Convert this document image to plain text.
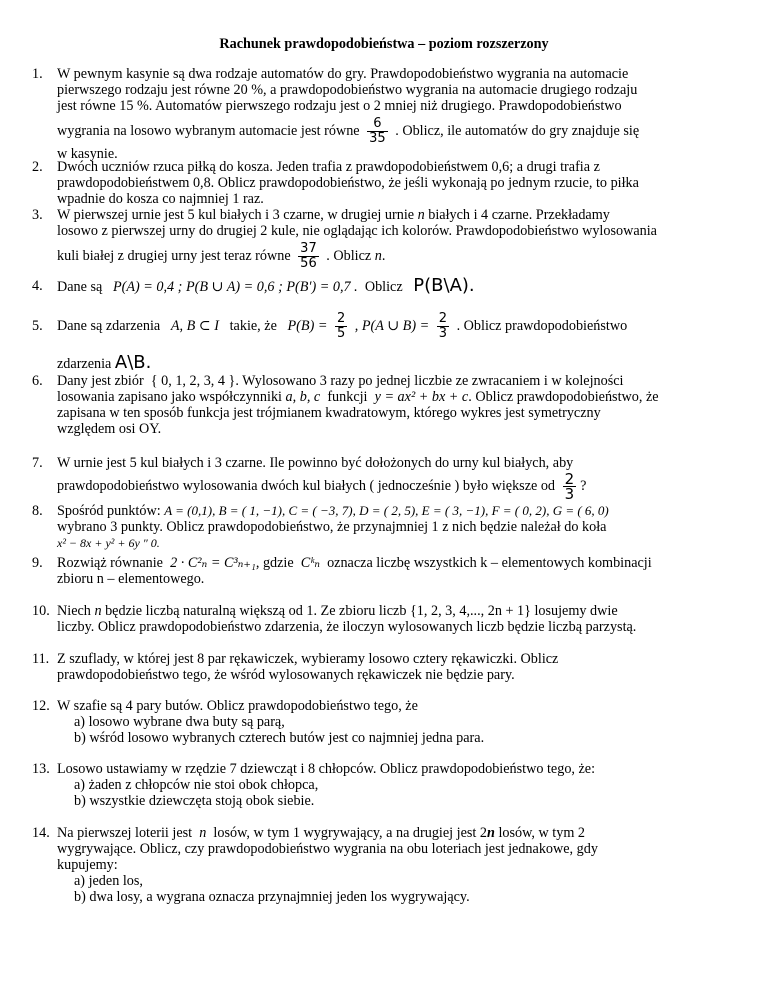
Rachunek prawdopodobieństwa – poziom rozszerzony
1. W pewnym kasynie są dwa rodzaje automatów do gry. Prawdopodobieństwo wygrania na automacie
pierwszego rodzaju jest równe 20 %, a prawdopodobieństwo wygrania na automacie drugiego rodzaju
jest równe 15 %. Automatów pierwszego rodzaju jest o 2 mniej niż drugiego. Prawdopodobieństwo
wygrania na losowo wybranym automacie jest równe $\frac{6}{35}$ . Oblicz, ile automatów do gry znajduje się
w kasynie.
2. Dwóch uczniów rzuca piłką do kosza. Jeden trafia z prawdopodobieństwem 0,6; a drugi trafia z
prawdopodobieństwem 0,8. Oblicz prawdopodobieństwo, że jeśli wykonają po jednym rzucie, to piłka
wpadnie do kosza co najmniej 1 raz.
3. W pierwszej urnie jest 5 kul białych i 3 czarne, w drugiej urnie n białych i 4 czarne. Przekładamy
losowo z pierwszej urny do drugiej 2 kule, nie oglądając ich kolorów. Prawdopodobieństwo wylosowania
kuli białej z drugiej urny jest teraz równe $\frac{37}{56}$ . Oblicz n.
4. Dane są P(A) = 0,4 ; P(B ∪ A) = 0,6 ; P(B′) = 0,7 . Oblicz P(B\A).
5. Dane są zdarzenia A, B ⊂ Ι takie, że $P(B) = \frac{2}{5}$ , P(A ∪ $B) = \frac{2}{3}$ . Oblicz prawdopodobieństwo
zdarzenia A\B.
6. Dany jest zbiór { 0, 1, 2, 3, 4 }. Wylosowano 3 razy po jednej liczbie ze zwracaniem i w kolejności
losowania zapisano jako współczynniki a, b, c funkcji y = ax² + bx + c. Oblicz prawdopodobieństwo, że
zapisana w ten sposób funkcja jest trójmianem kwadratowym, którego wykres jest symetryczny
względem osi OY.
7. W urnie jest 5 kul białych i 3 czarne. Ile powinno być dołożonych do urny kul białych, aby
prawdopodobieństwo wylosowania dwóch kul białych ( jednocześnie ) było większe od $\frac{2}{3}$ ?
8. Spośród punktów: A = (0,1), B = ( 1, −1), C = ( −3, 7), D = ( 2, 5), E = ( 3, −1), F = ( 0, 2), G = ( 6, 0)
wybrano 3 punkty. Oblicz prawdopodobieństwo, że przynajmniej 1 z nich będzie należał do koła
x² − 8x + y² + 6y ″ 0.
9. Rozwiąż równanie 2 · C²ₙ = C³ₙ₊₁, gdzie Cᵏₙ oznacza liczbę wszystkich k – elementowych kombinacji
zbioru n – elementowego.
10. Niech n będzie liczbą naturalną większą od 1. Ze zbioru liczb {1, 2, 3, 4,..., 2n + 1} losujemy dwie
liczby. Oblicz prawdopodobieństwo zdarzenia, że iloczyn wylosowanych liczb będzie liczbą parzystą.
11. Z szuflady, w której jest 8 par rękawiczek, wybieramy losowo cztery rękawiczki. Oblicz
prawdopodobieństwo tego, że wśród wylosowanych rękawiczek nie będzie pary.
12. W szafie są 4 pary butów. Oblicz prawdopodobieństwo tego, że
a) losowo wybrane dwa buty są parą,
b) wśród losowo wybranych czterech butów jest co najmniej jedna para.
13. Losowo ustawiamy w rzędzie 7 dziewcząt i 8 chłopców. Oblicz prawdopodobieństwo tego, że:
a) żaden z chłopców nie stoi obok chłopca,
b) wszystkie dziewczęta stoją obok siebie.
14. Na pierwszej loterii jest n losów, w tym 1 wygrywający, a na drugiej jest 2n losów, w tym 2
wygrywające. Oblicz, czy prawdopodobieństwo wygrania na obu loteriach jest jednakowe, gdy
kupujemy:
a) jeden los,
b) dwa losy, a wygrana oznacza przynajmniej jeden los wygrywający.
